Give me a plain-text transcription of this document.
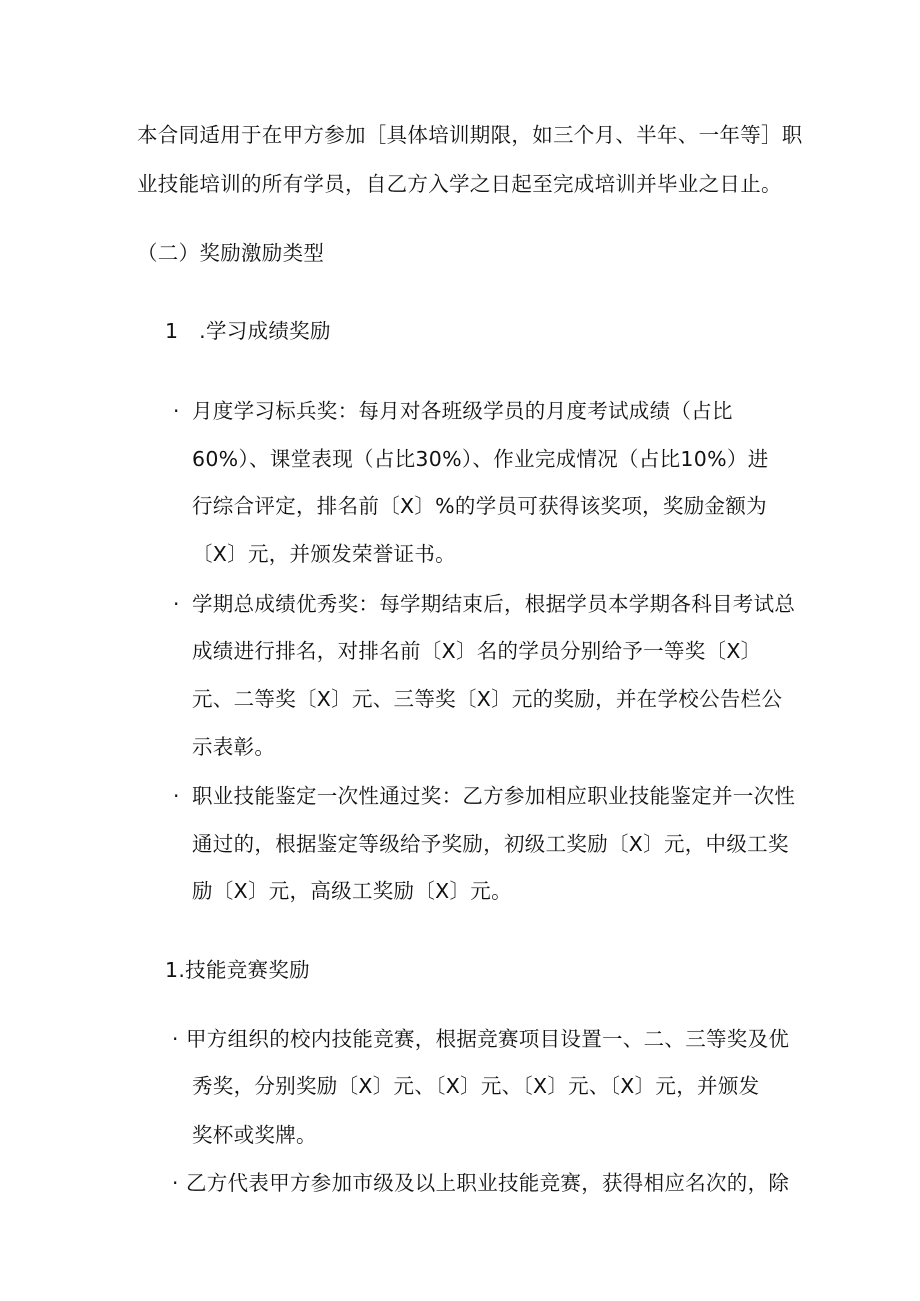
本合同适用于在甲方参加［具体培训期限，如三个月、半年、一年等］职
业技能培训的所有学员，自乙方入学之日起至完成培训并毕业之日止。
（二）奖励激励类型
1　.学习成绩奖励
· 月度学习标兵奖：每月对各班级学员的月度考试成绩（占比
60%）、课堂表现（占比30%）、作业完成情况（占比10%）进
行综合评定，排名前〔X〕%的学员可获得该奖项，奖励金额为
〔X〕元，并颁发荣誉证书。
· 学期总成绩优秀奖：每学期结束后，根据学员本学期各科目考试总
成绩进行排名，对排名前〔X〕名的学员分别给予一等奖〔X〕
元、二等奖〔X〕元、三等奖〔X〕元的奖励，并在学校公告栏公
示表彰。
· 职业技能鉴定一次性通过奖：乙方参加相应职业技能鉴定并一次性
通过的，根据鉴定等级给予奖励，初级工奖励〔X〕元，中级工奖
励〔X〕元，高级工奖励〔X〕元。
1.技能竞赛奖励
· 甲方组织的校内技能竞赛，根据竞赛项目设置一、二、三等奖及优
秀奖，分别奖励〔X〕元、〔X〕元、〔X〕元、〔X〕元，并颁发
奖杯或奖牌。
· 乙方代表甲方参加市级及以上职业技能竞赛，获得相应名次的，除
